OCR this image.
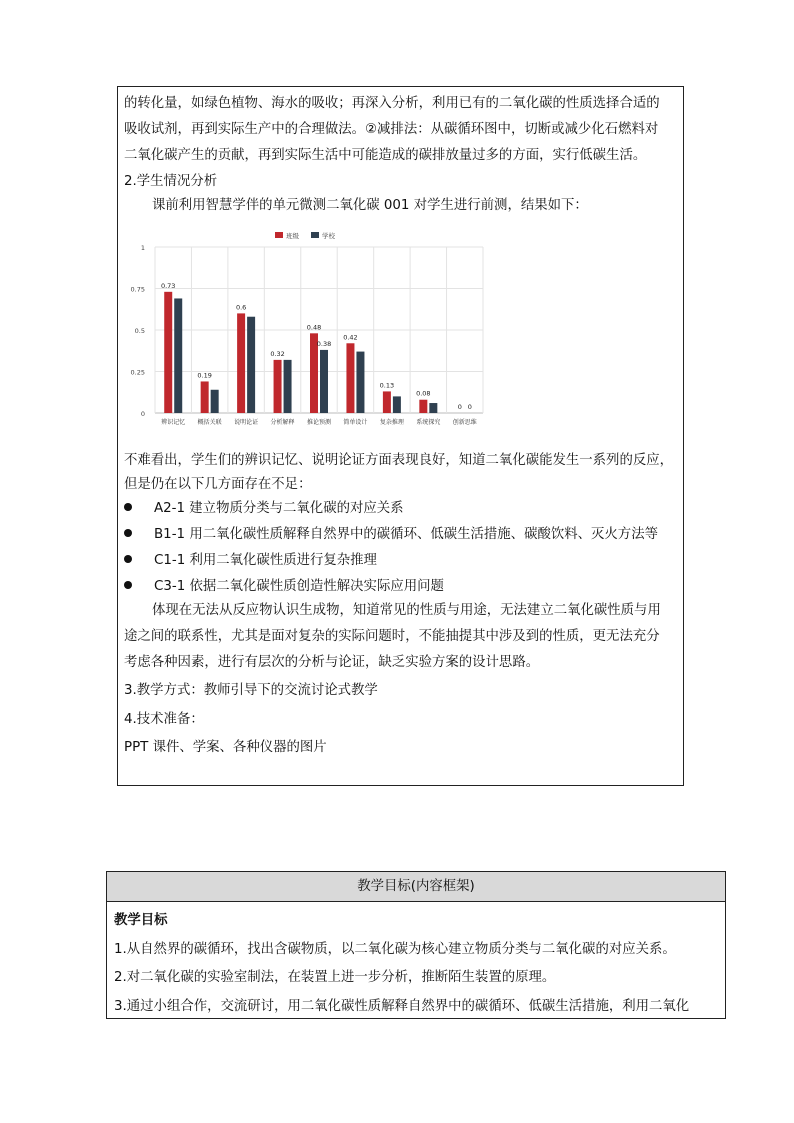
的转化量，如绿色植物、海水的吸收；再深入分析，利用已有的二氧化碳的性质选择合适的
吸收试剂，再到实际生产中的合理做法。②减排法：从碳循环图中，切断或减少化石燃料对
二氧化碳产生的贡献，再到实际生活中可能造成的碳排放量过多的方面，实行低碳生活。
2.学生情况分析
课前利用智慧学伴的单元微测二氧化碳 001 对学生进行前测，结果如下：
0
0.25
0.5
0.75
1
班级	学校
0.73
0.19
0.6
0.32
0.48
0.38
0.42
0.13
0.08
0 0
辨识记忆 概括关联 说明论证 分析解释 推论预测 简单设计 复杂推理 系统探究 创新思维
不难看出，学生们的辨识记忆、说明论证方面表现良好，知道二氧化碳能发生一系列的反应，
但是仍在以下几方面存在不足：
A2-1 建立物质分类与二氧化碳的对应关系
B1-1 用二氧化碳性质解释自然界中的碳循环、低碳生活措施、碳酸饮料、灭火方法等
C1-1 利用二氧化碳性质进行复杂推理
C3-1 依据二氧化碳性质创造性解决实际应用问题
体现在无法从反应物认识生成物，知道常见的性质与用途，无法建立二氧化碳性质与用
途之间的联系性，尤其是面对复杂的实际问题时，不能抽提其中涉及到的性质，更无法充分
考虑各种因素，进行有层次的分析与论证，缺乏实验方案的设计思路。
3.教学方式：教师引导下的交流讨论式教学
4.技术准备：
PPT 课件、学案、各种仪器的图片
教学目标(内容框架)
教学目标
1.从自然界的碳循环，找出含碳物质，以二氧化碳为核心建立物质分类与二氧化碳的对应关系。
2.对二氧化碳的实验室制法，在装置上进一步分析，推断陌生装置的原理。
3.通过小组合作，交流研讨，用二氧化碳性质解释自然界中的碳循环、低碳生活措施，利用二氧化
